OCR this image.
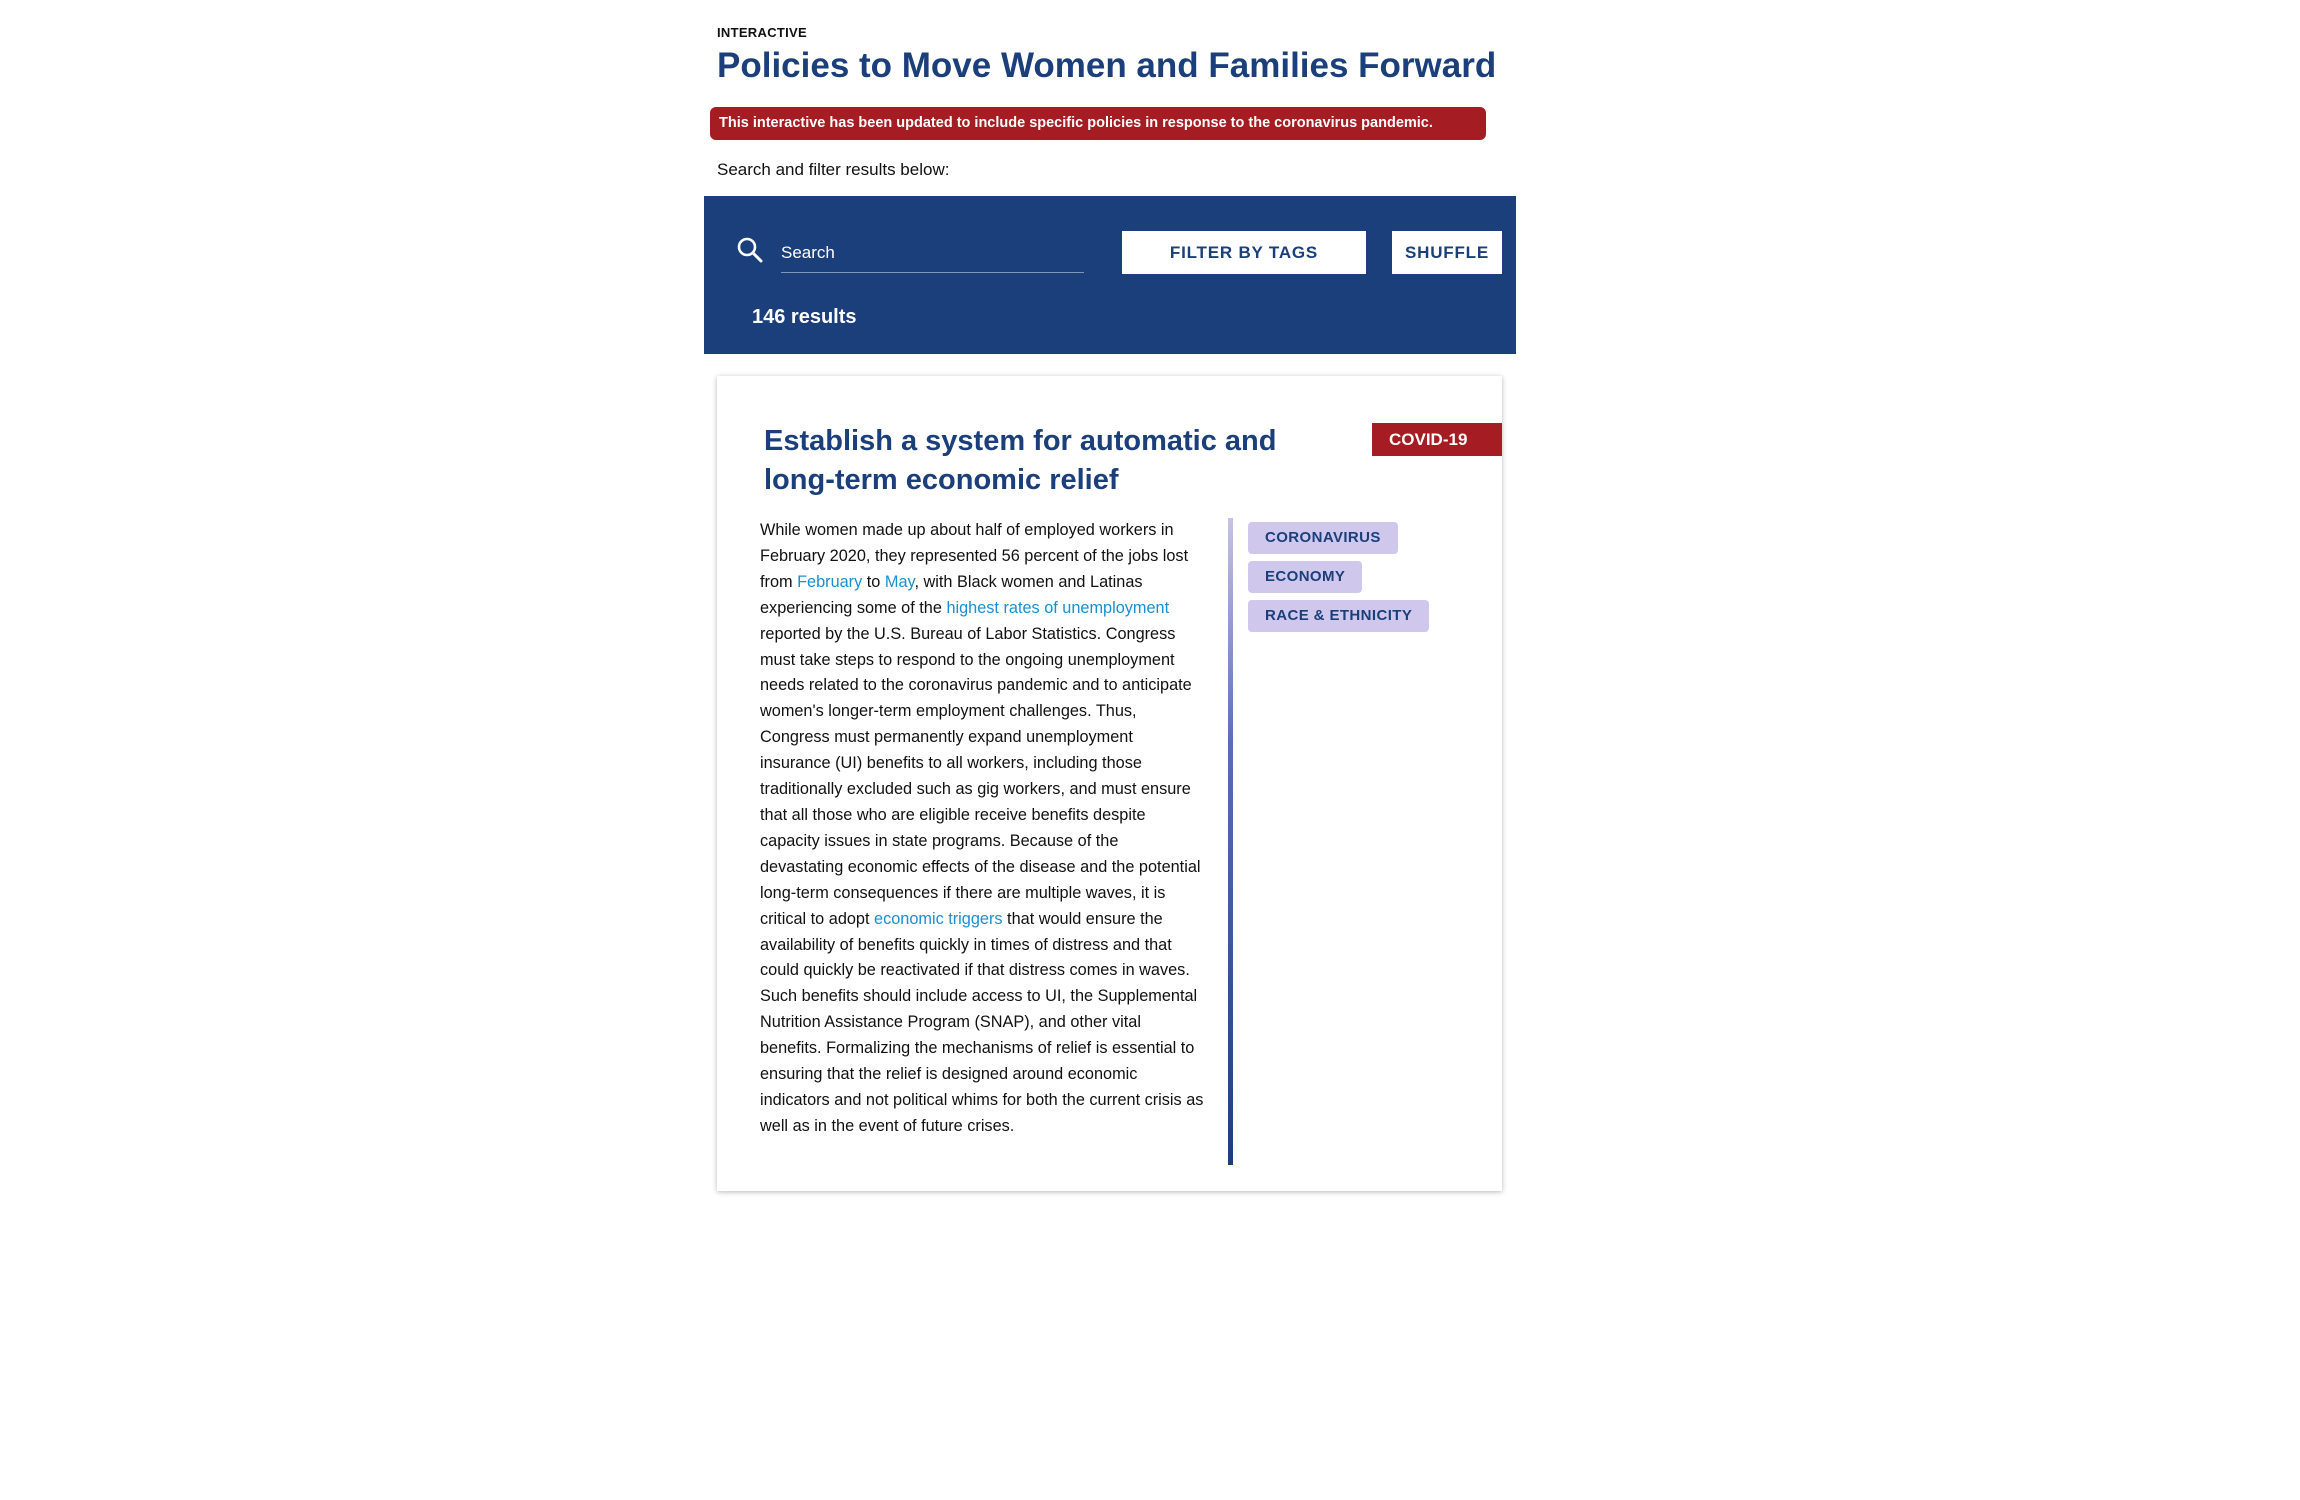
INTERACTIVE
Policies to Move Women and Families Forward
This interactive has been updated to include specific policies in response to the coronavirus pandemic.
Search and filter results below:
Search
FILTER BY TAGS	SHUFFLE
146 results
Establish a system for automatic and long-term economic relief
COVID-19

While women made up about half of employed workers in February 2020, they represented 56 percent of the jobs lost from February to May, with Black women and Latinas experiencing some of the highest rates of unemployment reported by the U.S. Bureau of Labor Statistics. Congress must take steps to respond to the ongoing unemployment needs related to the coronavirus pandemic and to anticipate women's longer-term employment challenges. Thus, Congress must permanently expand unemployment insurance (UI) benefits to all workers, including those traditionally excluded such as gig workers, and must ensure that all those who are eligible receive benefits despite capacity issues in state programs. Because of the devastating economic effects of the disease and the potential long-term consequences if there are multiple waves, it is critical to adopt economic triggers that would ensure the availability of benefits quickly in times of distress and that could quickly be reactivated if that distress comes in waves. Such benefits should include access to UI, the Supplemental Nutrition Assistance Program (SNAP), and other vital benefits. Formalizing the mechanisms of relief is essential to ensuring that the relief is designed around economic indicators and not political whims for both the current crisis as well as in the event of future crises.

CORONAVIRUS
ECONOMY
RACE & ETHNICITY
